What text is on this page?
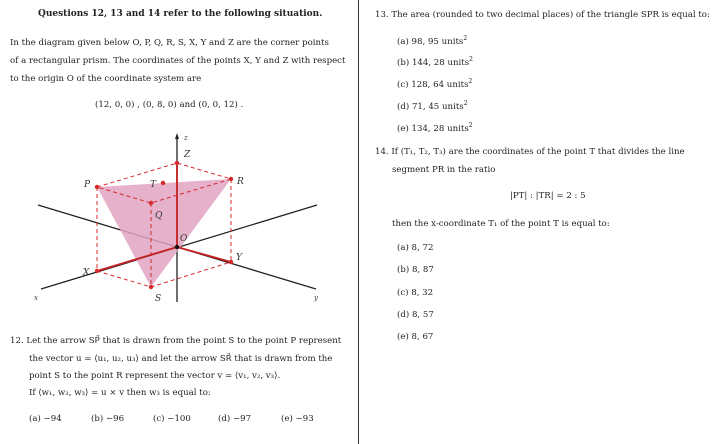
Questions 12, 13 and 14 refer to the following situation.
In the diagram given below O, P, Q, R, S, X, Y and Z are the corner points
of a rectangular prism. The coordinates of the points X, Y and Z with respect
to the origin O of the coordinate system are
(12, 0, 0) , (0, 8, 0) and (0, 0, 12) .
z
Z
P	T	R
Q
O
X
Y
S
x	y
12. Let the arrow SP⃗ that is drawn from the point S to the point P represent
the vector u = ⟨u₁, u₂, u₃⟩ and let the arrow SR⃗ that is drawn from the
point S to the point R represent the vector v = ⟨v₁, v₂, v₃⟩.
If ⟨w₁, w₂, w₃⟩ = u × v then w₃ is equal to:
(a) −94	(b) −96	(c) −100	(d) −97	(e) −93
13. The area (rounded to two decimal places) of the triangle SPR is equal to:
14. If (T₁, T₂, T₃) are the coordinates of the point T that divides the line
segment PR in the ratio
|PT| : |TR| = 2 : 5
then the x-coordinate T₁ of the point T is equal to:
(a) 8, 72
(b) 8, 87
(c) 8, 32
(d) 8, 57
(e) 8, 67
(a) 98, 95 units$^2$
(b) 144, 28 units$^2$
(c) 128, 64 units$^2$
(d) 71, 45 units$^2$
(e) 134, 28 units$^2$
